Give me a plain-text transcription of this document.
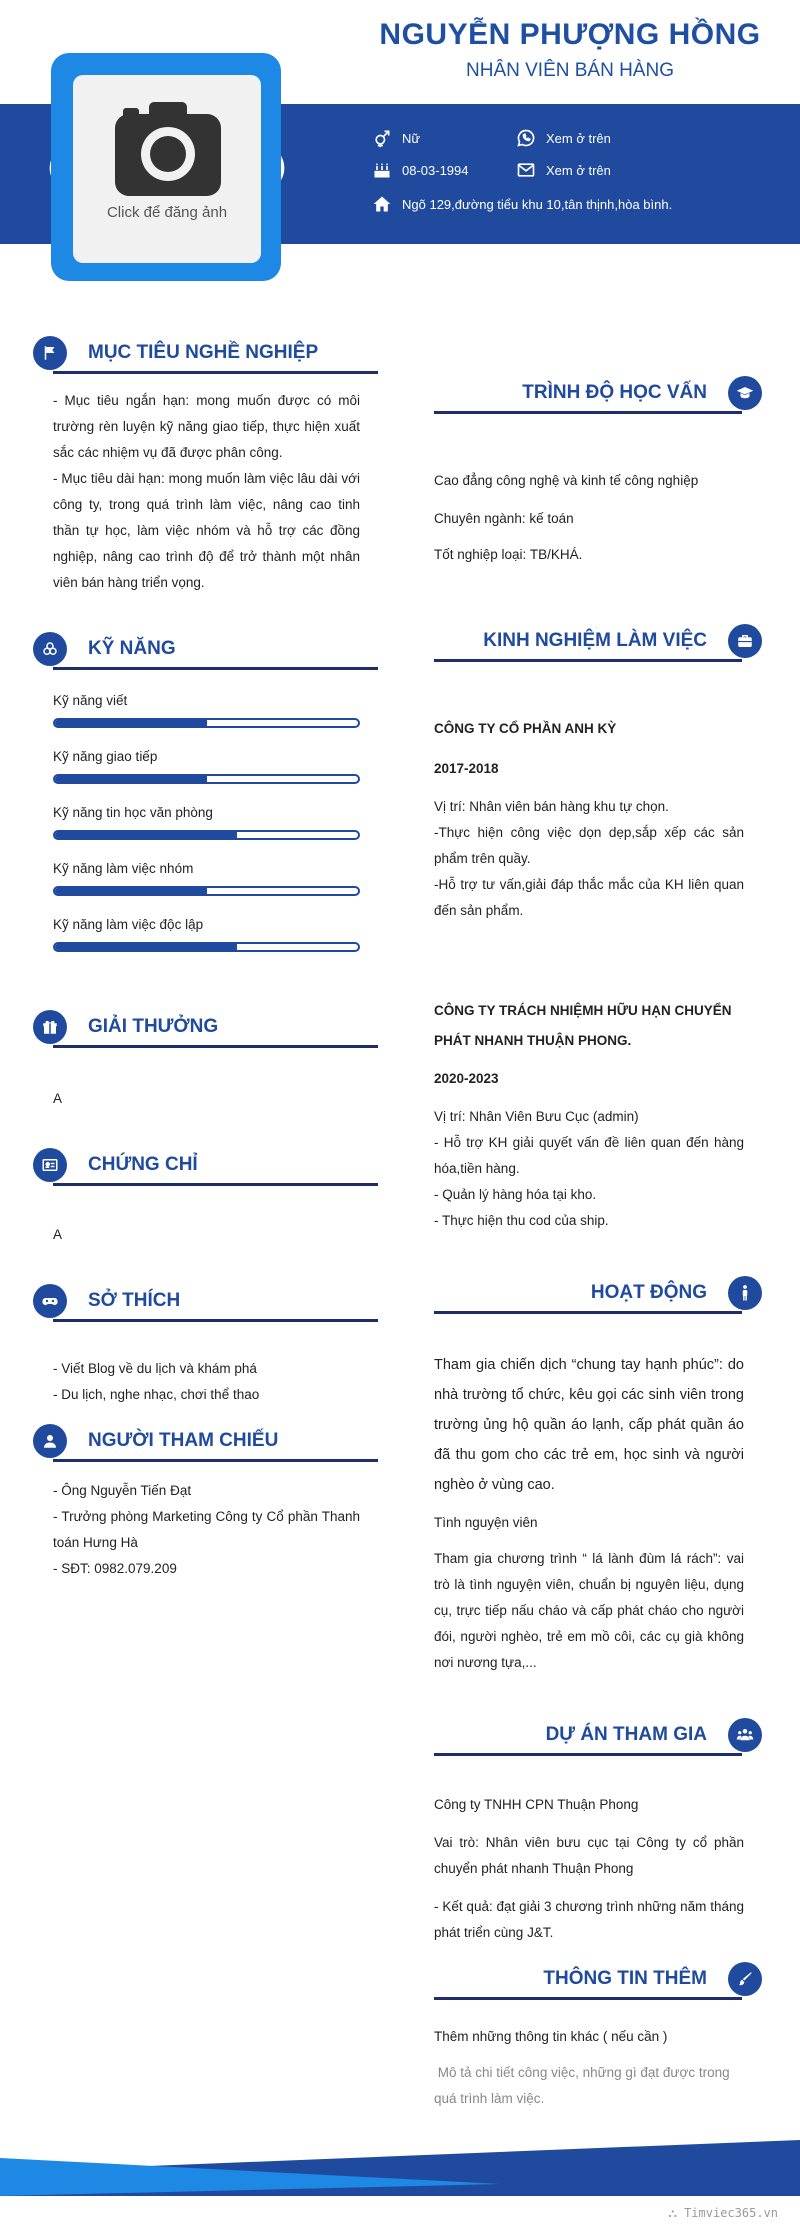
NGUYỄN PHƯỢNG HỒNG
NHÂN VIÊN BÁN HÀNG
Nữ	Xem ở trên
08-03-1994	Xem ở trên
Ngõ 129,đường tiểu khu 10,tân thịnh,hòa bình.
Click để đăng ảnh
MỤC TIÊU NGHỀ NGHIỆP
- Mục tiêu ngắn hạn: mong muốn được có môi trường rèn luyện kỹ năng giao tiếp, thực hiện xuất sắc các nhiệm vụ đã được phân công.
- Mục tiêu dài hạn: mong muốn làm việc lâu dài với công ty, trong quá trình làm việc, nâng cao tinh thần tự học, làm việc nhóm và hỗ trợ các đồng nghiệp, nâng cao trình độ để trở thành một nhân viên bán hàng triển vọng.
KỸ NĂNG
Kỹ năng viết
Kỹ năng giao tiếp
Kỹ năng tin học văn phòng
Kỹ năng làm việc nhóm
Kỹ năng làm việc độc lập
GIẢI THƯỞNG
A
CHỨNG CHỈ
A
SỞ THÍCH
- Viết Blog về du lịch và khám phá
- Du lịch, nghe nhạc, chơi thể thao
NGƯỜI THAM CHIẾU
- Ông Nguyễn Tiến Đạt
- Trưởng phòng Marketing Công ty Cổ phần Thanh toán Hưng Hà
- SĐT: 0982.079.209
TRÌNH ĐỘ HỌC VẤN
Cao đẳng công nghệ và kinh tế công nghiệp
Chuyên ngành: kế toán
Tốt nghiệp loại: TB/KHÁ.
KINH NGHIỆM LÀM VIỆC
CÔNG TY CỔ PHẦN ANH KỲ
2017-2018
Vị trí: Nhân viên bán hàng khu tự chọn.
-Thực hiện công việc dọn dẹp,sắp xếp các sản phẩm trên quầy.
-Hỗ trợ tư vấn,giải đáp thắc mắc của KH liên quan đến sản phẩm.
CÔNG TY TRÁCH NHIỆMH HỮU HẠN CHUYỂN PHÁT NHANH THUẬN PHONG.
2020-2023
Vị trí: Nhân Viên Bưu Cục (admin)
- Hỗ trợ KH giải quyết vấn đề liên quan đến hàng hóa,tiền hàng.
- Quản lý hàng hóa tại kho.
- Thực hiện thu cod của ship.
HOẠT ĐỘNG
Tham gia chiến dịch “chung tay hạnh phúc”: do nhà trường tổ chức, kêu gọi các sinh viên trong trường ủng hộ quần áo lạnh, cấp phát quần áo đã thu gom cho các trẻ em, học sinh và người nghèo ở vùng cao.
Tình nguyện viên
Tham gia chương trình “ lá lành đùm lá rách”: vai trò là tình nguyện viên, chuẩn bị nguyên liệu, dụng cụ, trực tiếp nấu cháo và cấp phát cháo cho người đói, người nghèo, trẻ em mồ côi, các cụ già không nơi nương tựa,...
DỰ ÁN THAM GIA
Công ty TNHH CPN Thuận Phong
Vai trò: Nhân viên bưu cục tại Công ty cổ phần chuyển phát nhanh Thuận Phong
- Kết quả: đạt giải 3 chương trình những năm tháng phát triển cùng J&T.
THÔNG TIN THÊM
Thêm những thông tin khác ( nếu cần )
Mô tả chi tiết công việc, những gì đạt được trong quá trình làm việc.
⛬ Timviec365.vn
